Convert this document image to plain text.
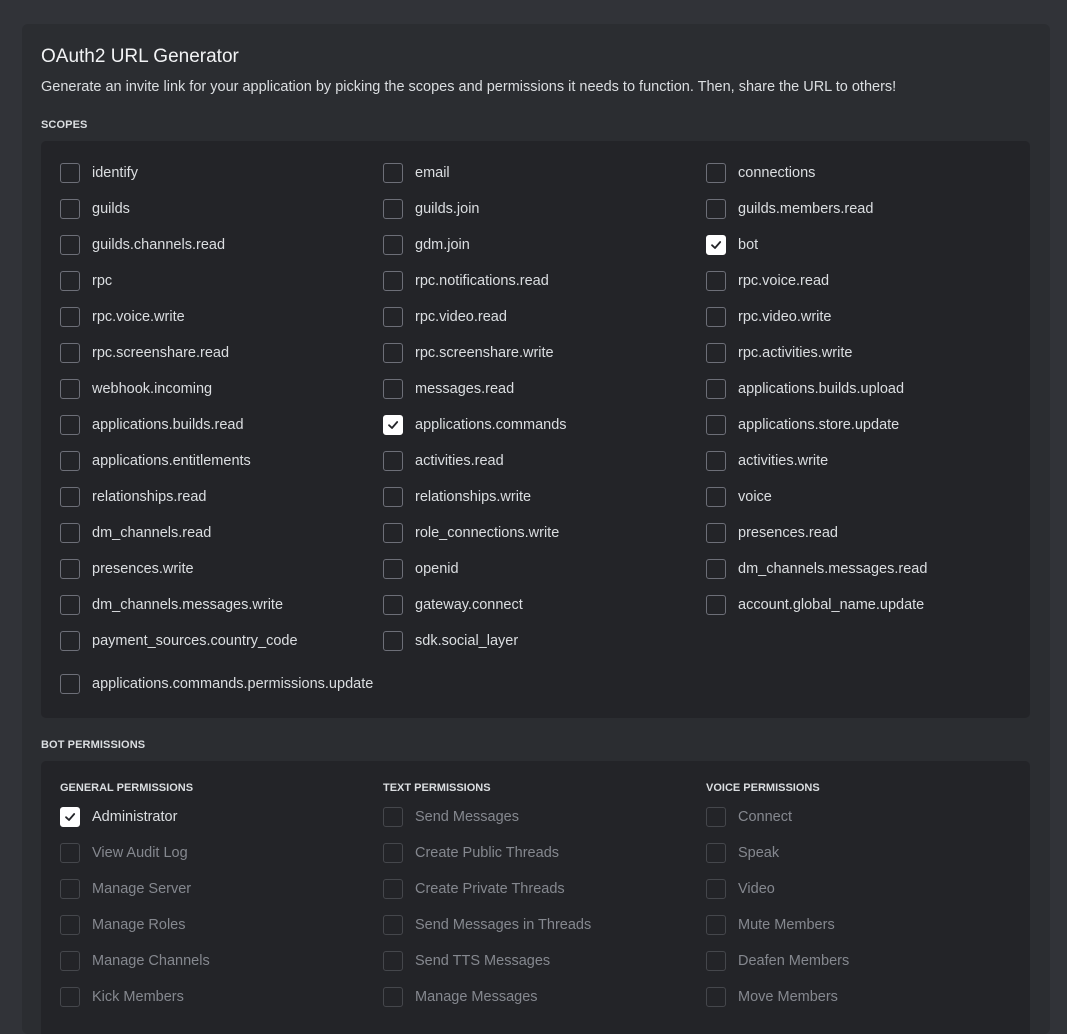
OAuth2 URL Generator
Generate an invite link for your application by picking the scopes and permissions it needs to function. Then, share the URL to others!
SCOPES
identify	email	connections
guilds	guilds.join	guilds.members.read
guilds.channels.read	gdm.join	bot
rpc	rpc.notifications.read	rpc.voice.read
rpc.voice.write	rpc.video.read	rpc.video.write
rpc.screenshare.read	rpc.screenshare.write	rpc.activities.write
webhook.incoming	messages.read	applications.builds.upload
applications.builds.read	applications.commands	applications.store.update
applications.entitlements	activities.read	activities.write
relationships.read	relationships.write	voice
dm_channels.read	role_connections.write	presences.read
presences.write	openid	dm_channels.messages.read
dm_channels.messages.write	gateway.connect	account.global_name.update
payment_sources.country_code	sdk.social_layer
applications.commands.permissions.update
BOT PERMISSIONS
GENERAL PERMISSIONS	TEXT PERMISSIONS	VOICE PERMISSIONS
Administrator	Send Messages	Connect
View Audit Log	Create Public Threads	Speak
Manage Server	Create Private Threads	Video
Manage Roles	Send Messages in Threads	Mute Members
Manage Channels	Send TTS Messages	Deafen Members
Kick Members	Manage Messages	Move Members
